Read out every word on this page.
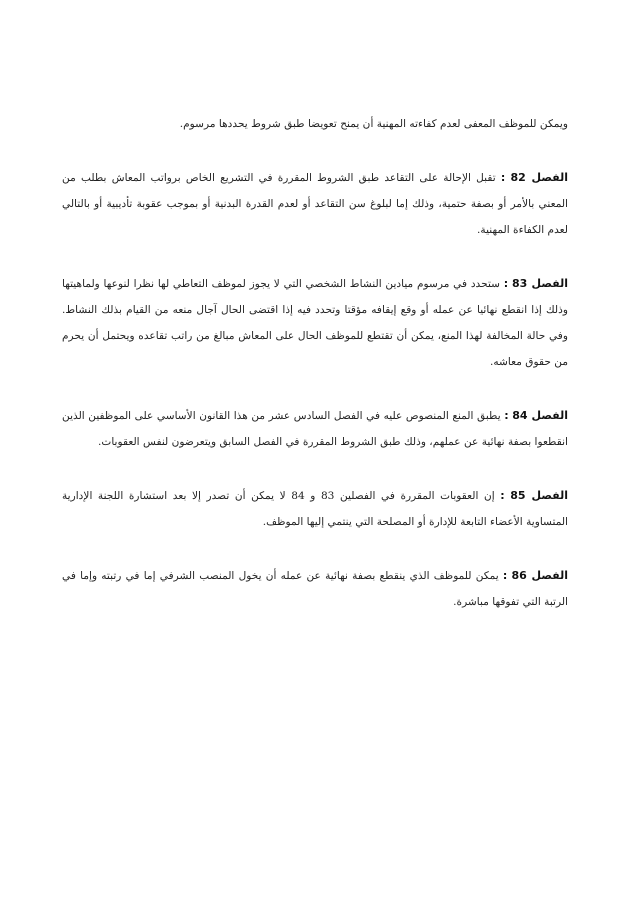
ويمكن للموظف المعفى لعدم كفاءته المهنية أن يمنح تعويضا طبق شروط يحددها مرسوم.

الفصل 82 : تقبل الإحالة على التقاعد طبق الشروط المقررة في التشريع الخاص برواتب المعاش بطلب من المعني بالأمر أو بصفة حتمية، وذلك إما لبلوغ سن التقاعد أو لعدم القدرة البدنية أو بموجب عقوبة تأديبية أو بالتالي لعدم الكفاءة المهنية.

الفصل 83 : ستحدد في مرسوم ميادين النشاط الشخصي التي لا يجوز لموظف التعاطي لها نظرا لنوعها ولماهيتها وذلك إذا انقطع نهائيا عن عمله أو وقع إيقافه مؤقتا وتحدد فيه إذا اقتضى الحال آجال منعه من القيام بذلك النشاط. وفي حالة المخالفة لهذا المنع، يمكن أن تقتطع للموظف الحال على المعاش مبالغ من راتب تقاعده ويحتمل أن يحرم من حقوق معاشه.

الفصل 84 : يطبق المنع المنصوص عليه في الفصل السادس عشر من هذا القانون الأساسي على الموظفين الذين انقطعوا بصفة نهائية عن عملهم، وذلك طبق الشروط المقررة في الفصل السابق ويتعرضون لنفس العقوبات.

الفصل 85 : إن العقوبات المقررة في الفصلين 83 و 84 لا يمكن أن تصدر إلا بعد استشارة اللجنة الإدارية المتساوية الأعضاء التابعة للإدارة أو المصلحة التي ينتمي إليها الموظف.

الفصل 86 : يمكن للموظف الذي ينقطع بصفة نهائية عن عمله أن يخول المنصب الشرفي إما في رتبته وإما في الرتبة التي تفوقها مباشرة.
